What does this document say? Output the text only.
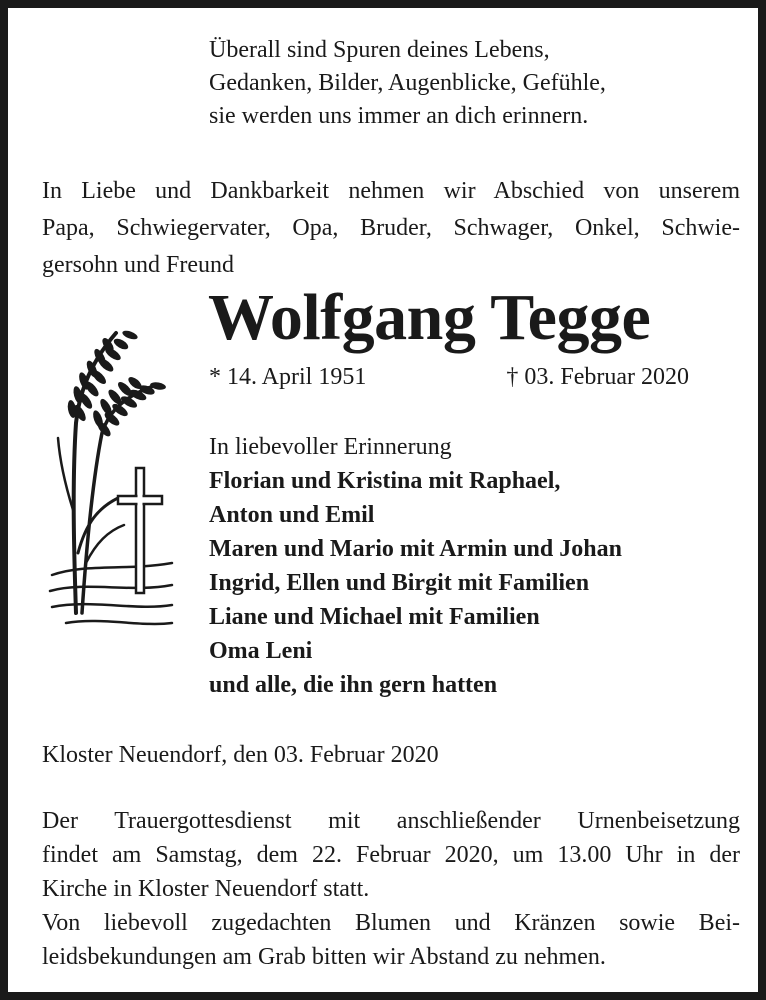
Überall sind Spuren deines Lebens,
Gedanken, Bilder, Augenblicke, Gefühle,
sie werden uns immer an dich erinnern.
In Liebe und Dankbarkeit nehmen wir Abschied von unserem
Papa, Schwiegervater, Opa, Bruder, Schwager, Onkel, Schwie-
gersohn und Freund
Wolfgang Tegge
* 14. April 1951	† 03. Februar 2020
In liebevoller Erinnerung
Florian und Kristina mit Raphael,
Anton und Emil
Maren und Mario mit Armin und Johan
Ingrid, Ellen und Birgit mit Familien
Liane und Michael mit Familien
Oma Leni
und alle, die ihn gern hatten
Kloster Neuendorf, den 03. Februar 2020
Der Trauergottesdienst mit anschließender Urnenbeisetzung
findet am Samstag, dem 22. Februar 2020, um 13.00 Uhr in der
Kirche in Kloster Neuendorf statt.
Von liebevoll zugedachten Blumen und Kränzen sowie Bei-
leidsbekundungen am Grab bitten wir Abstand zu nehmen.
